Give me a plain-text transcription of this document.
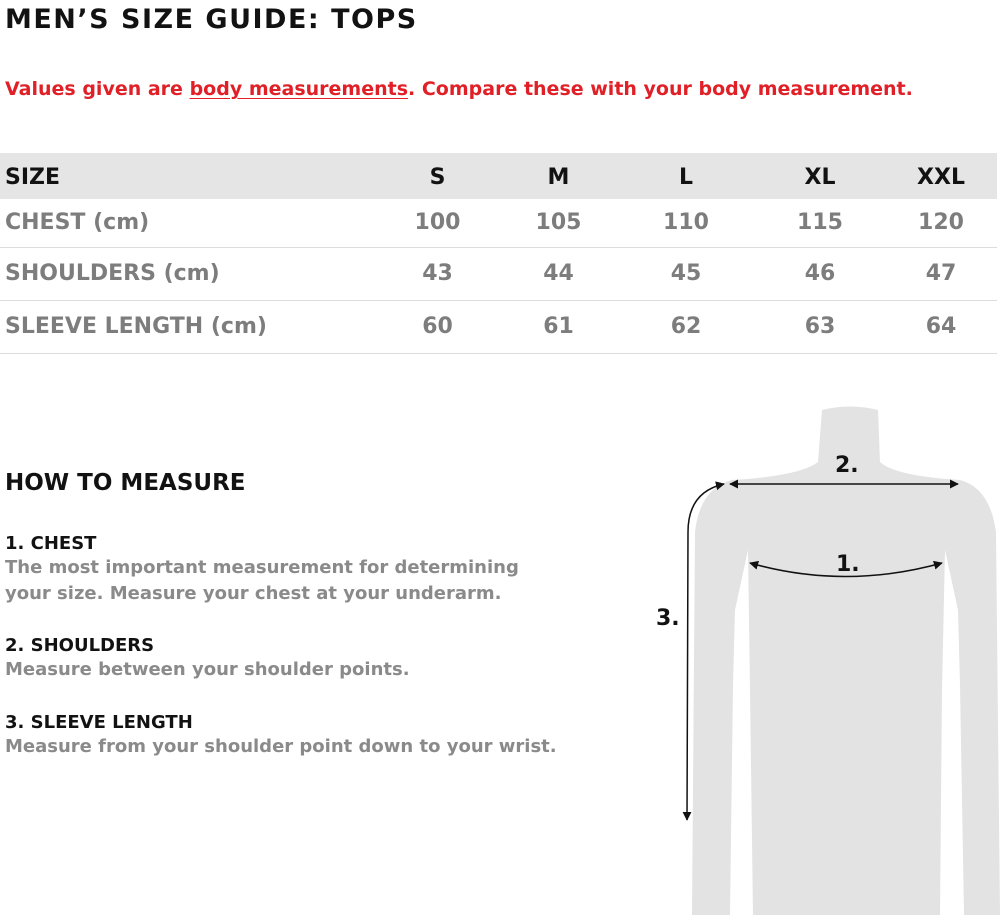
MEN’S SIZE GUIDE: TOPS
Values given are body measurements. Compare these with your body measurement.
SIZE	S	M	L	XL	XXL
CHEST (cm)	100	105	110	115	120
SHOULDERS (cm)	43	44	45	46	47
SLEEVE LENGTH (cm)	60	61	62	63	64
HOW TO MEASURE
1. CHEST

The most important measurement for determining

your size. Measure your chest at your underarm.

2. SHOULDERS

Measure between your shoulder points.

3. SLEEVE LENGTH

Measure from your shoulder point down to your wrist.

2.
1.
3.
